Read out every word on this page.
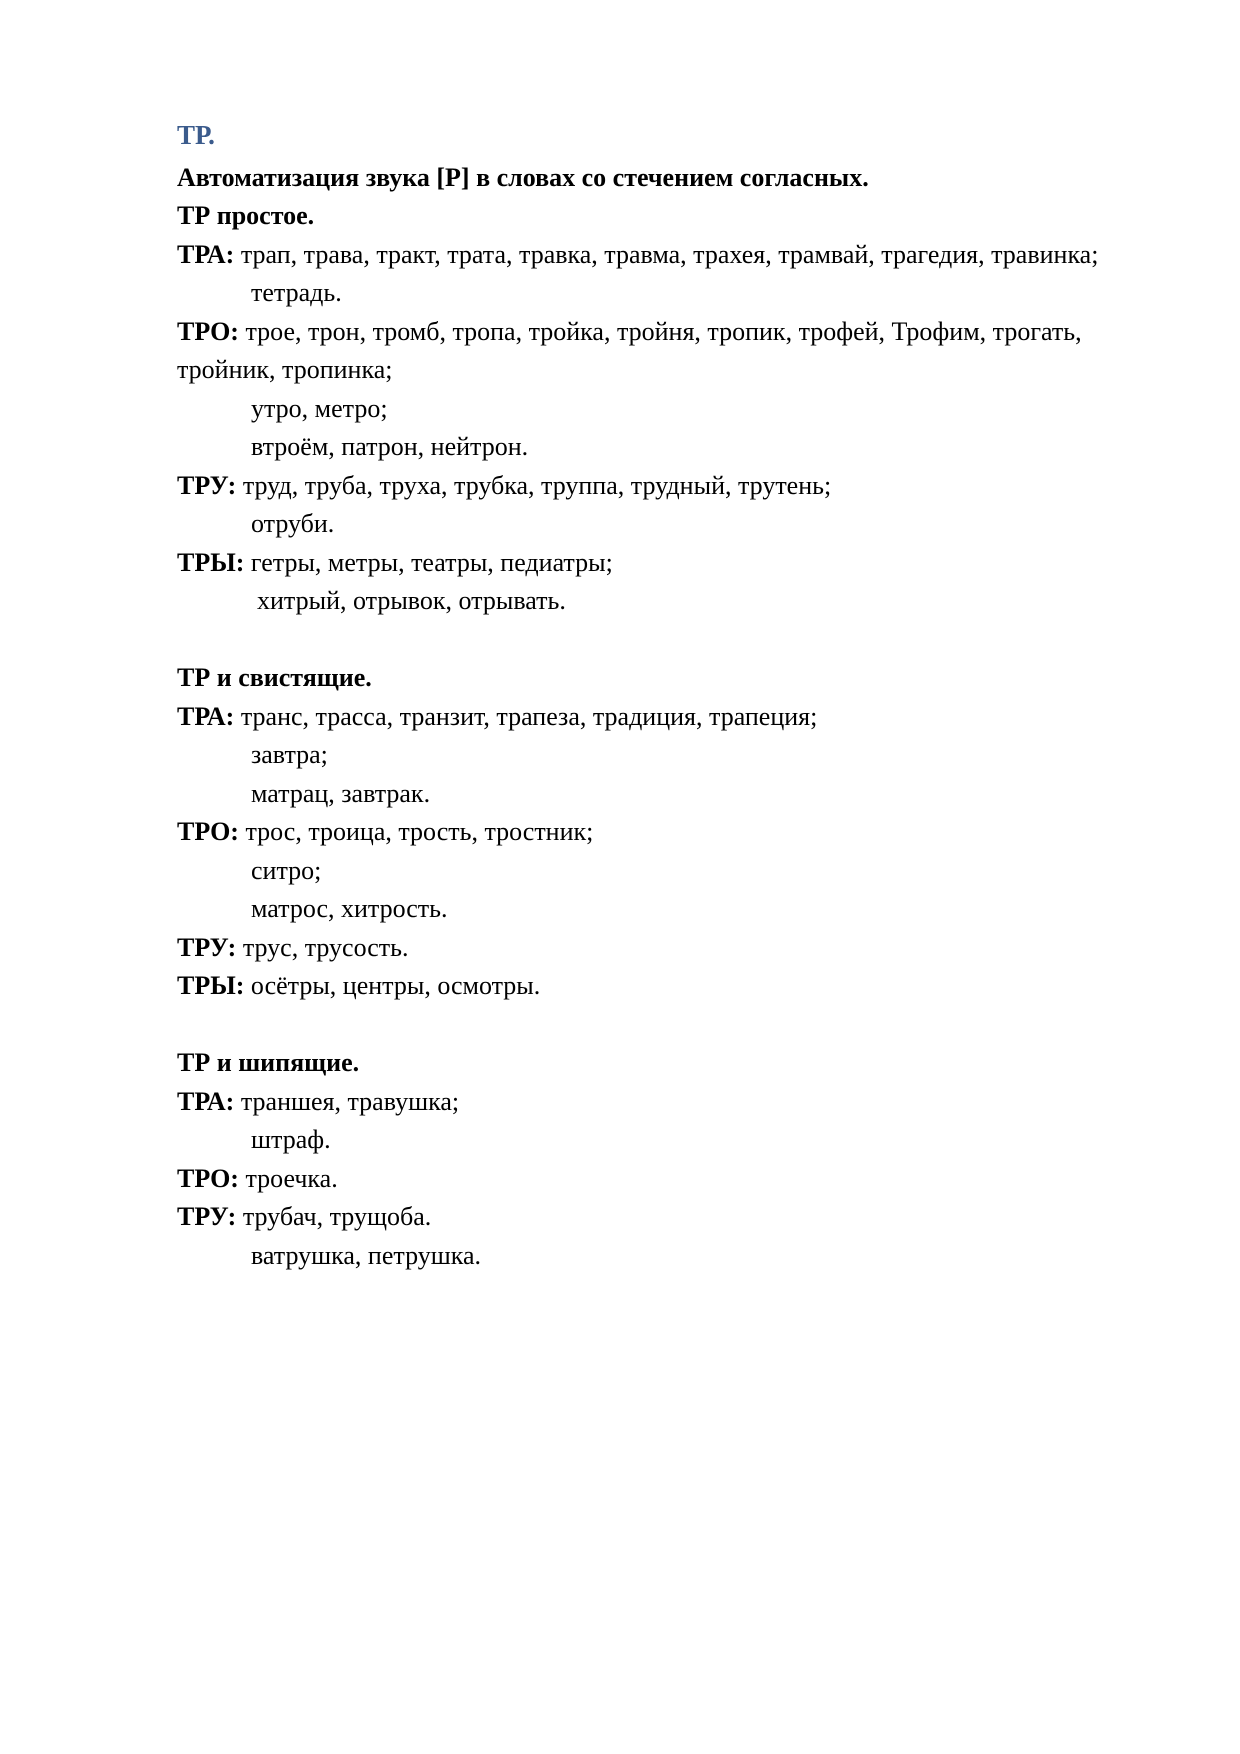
ТР.
Автоматизация звука [Р] в словах со стечением согласных.
ТР простое.
ТРА: трап, трава, тракт, трата, травка, травма, трахея, трамвай, трагедия, травинка;
тетрадь.
ТРО: трое, трон, тромб, тропа, тройка, тройня, тропик, трофей, Трофим, трогать, тройник, тропинка;
утро, метро;
втроём, патрон, нейтрон.
ТРУ: труд, труба, труха, трубка, труппа, трудный, трутень;
отруби.
ТРЫ: гетры, метры, театры, педиатры;
хитрый, отрывок, отрывать.
ТР и свистящие.
ТРА: транс, трасса, транзит, трапеза, традиция, трапеция;
завтра;
матрац, завтрак.
ТРО: трос, троица, трость, тростник;
ситро;
матрос, хитрость.
ТРУ: трус, трусость.
ТРЫ: осётры, центры, осмотры.
ТР и шипящие.
ТРА: траншея, травушка;
штраф.
ТРО: троечка.
ТРУ: трубач, трущоба.
ватрушка, петрушка.
